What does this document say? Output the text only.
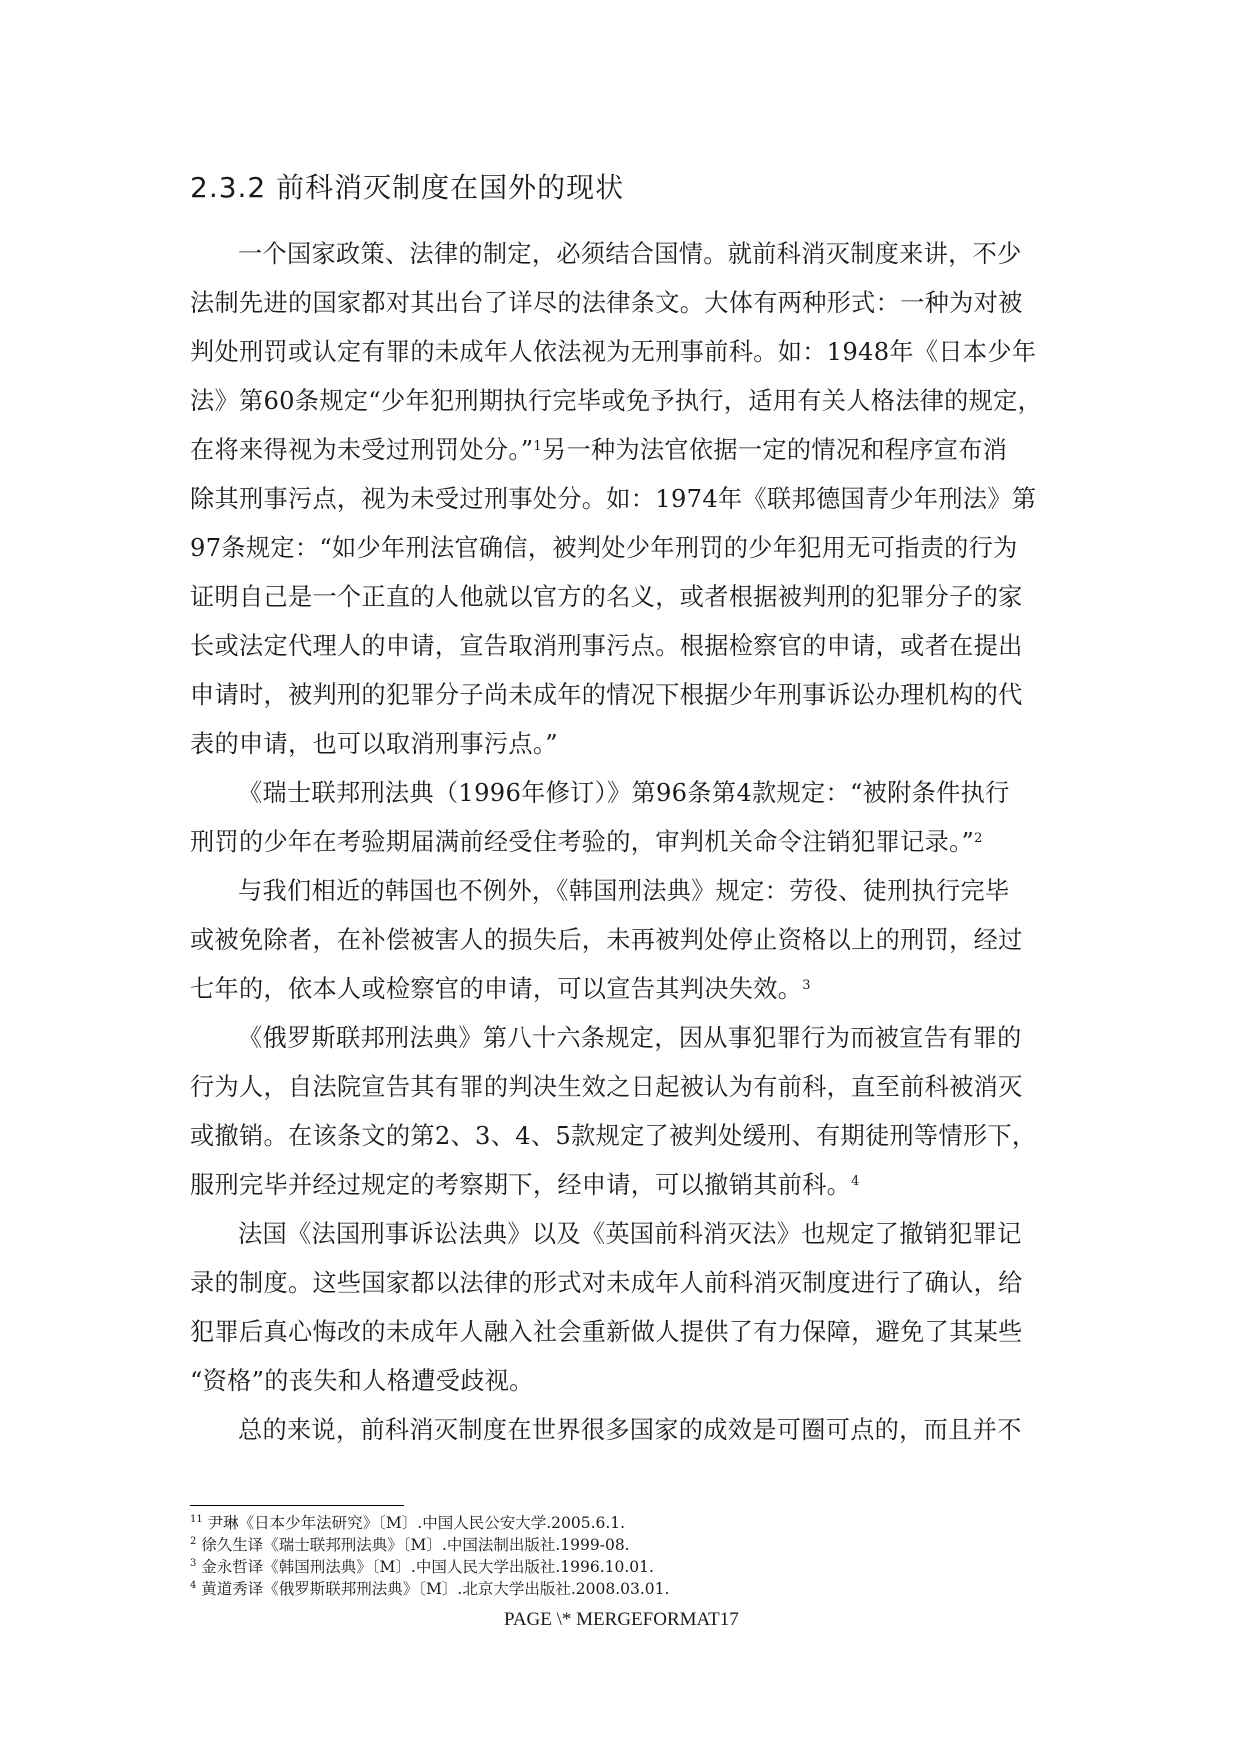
2.3.2 前科消灭制度在国外的现状
一个国家政策、法律的制定，必须结合国情。就前科消灭制度来讲，不少
法制先进的国家都对其出台了详尽的法律条文。大体有两种形式：一种为对被
判处刑罚或认定有罪的未成年人依法视为无刑事前科。如：1948年《日本少年
法》第60条规定“少年犯刑期执行完毕或免予执行，适用有关人格法律的规定，
在将来得视为未受过刑罚处分。”$^1$另一种为法官依据一定的情况和程序宣布消
除其刑事污点，视为未受过刑事处分。如：1974年《联邦德国青少年刑法》第
97条规定：“如少年刑法官确信，被判处少年刑罚的少年犯用无可指责的行为
证明自己是一个正直的人他就以官方的名义，或者根据被判刑的犯罪分子的家
长或法定代理人的申请，宣告取消刑事污点。根据检察官的申请，或者在提出
申请时，被判刑的犯罪分子尚未成年的情况下根据少年刑事诉讼办理机构的代
表的申请，也可以取消刑事污点。”
《瑞士联邦刑法典（1996年修订）》第96条第4款规定：“被附条件执行
刑罚的少年在考验期届满前经受住考验的，审判机关命令注销犯罪记录。”$^2$
与我们相近的韩国也不例外，《韩国刑法典》规定：劳役、徒刑执行完毕
或被免除者，在补偿被害人的损失后，未再被判处停止资格以上的刑罚，经过
七年的，依本人或检察官的申请，可以宣告其判决失效。$^3$
《俄罗斯联邦刑法典》第八十六条规定，因从事犯罪行为而被宣告有罪的
行为人，自法院宣告其有罪的判决生效之日起被认为有前科，直至前科被消灭
或撤销。在该条文的第2、3、4、5款规定了被判处缓刑、有期徒刑等情形下，
服刑完毕并经过规定的考察期下，经申请，可以撤销其前科。$^4$
法国《法国刑事诉讼法典》以及《英国前科消灭法》也规定了撤销犯罪记
录的制度。这些国家都以法律的形式对未成年人前科消灭制度进行了确认，给
犯罪后真心悔改的未成年人融入社会重新做人提供了有力保障，避免了其某些
“资格”的丧失和人格遭受歧视。
总的来说，前科消灭制度在世界很多国家的成效是可圈可点的，而且并不
$^{11}$ 尹琳《日本少年法研究》〔M〕.中国人民公安大学.2005.6.1.
$^2$ 徐久生译《瑞士联邦刑法典》〔M〕.中国法制出版社.1999-08.
$^3$ 金永哲译《韩国刑法典》〔M〕.中国人民大学出版社.1996.10.01.
$^4$ 黄道秀译《俄罗斯联邦刑法典》〔M〕.北京大学出版社.2008.03.01.
PAGE \* MERGEFORMAT17
